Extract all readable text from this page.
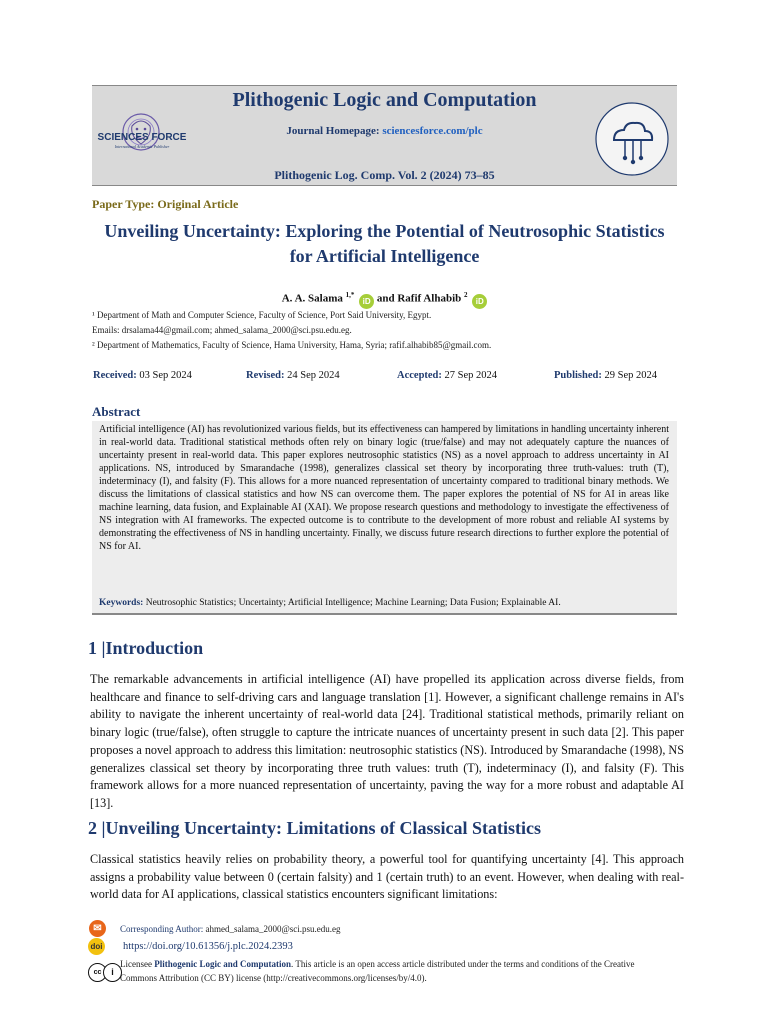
Plithogenic Logic and Computation
Journal Homepage: sciencesforce.com/plc
Plithogenic Log. Comp. Vol. 2 (2024) 73–85
SCIENCES FORCE
International Academic Publisher
Paper Type: Original Article
Unveiling Uncertainty: Exploring the Potential of Neutrosophic Statistics for Artificial Intelligence
A. A. Salama $^{1,*}$ iD and Rafif Alhabib $^2$ iD
¹ Department of Math and Computer Science, Faculty of Science, Port Said University, Egypt.
Emails: drsalama44@gmail.com; ahmed_salama_2000@sci.psu.edu.eg.
² Department of Mathematics, Faculty of Science, Hama University, Hama, Syria; rafif.alhabib85@gmail.com.
Received: 03 Sep 2024	Revised: 24 Sep 2024	Accepted: 27 Sep 2024	Published: 29 Sep 2024
Abstract
Artificial intelligence (AI) has revolutionized various fields, but its effectiveness can hampered by limitations in handling uncertainty inherent in real-world data. Traditional statistical methods often rely on binary logic (true/false) and may not adequately capture the nuances of uncertainty present in real-world data. This paper explores neutrosophic statistics (NS) as a novel approach to address uncertainty in AI applications. NS, introduced by Smarandache (1998), generalizes classical set theory by incorporating three truth-values: truth (T), indeterminacy (I), and falsity (F). This allows for a more nuanced representation of uncertainty compared to traditional binary methods. We discuss the limitations of classical statistics and how NS can overcome them. The paper explores the potential of NS for AI in areas like machine learning, data fusion, and Explainable AI (XAI). We propose research questions and methodology to investigate the effectiveness of NS integration with AI frameworks. The expected outcome is to contribute to the development of more robust and reliable AI systems by demonstrating the effectiveness of NS in handling uncertainty. Finally, we discuss future research directions to further explore the potential of NS for AI.
Keywords: Neutrosophic Statistics; Uncertainty; Artificial Intelligence; Machine Learning; Data Fusion; Explainable AI.
1 |Introduction
The remarkable advancements in artificial intelligence (AI) have propelled its application across diverse fields, from healthcare and finance to self-driving cars and language translation [1]. However, a significant challenge remains in AI's ability to navigate the inherent uncertainty of real-world data [24]. Traditional statistical methods, primarily reliant on binary logic (true/false), often struggle to capture the intricate nuances of uncertainty present in such data [2]. This paper proposes a novel approach to address this limitation: neutrosophic statistics (NS). Introduced by Smarandache (1998), NS generalizes classical set theory by incorporating three truth values: truth (T), indeterminacy (I), and falsity (F). This framework allows for a more nuanced representation of uncertainty, paving the way for a more robust and adaptable AI [13].
2 |Unveiling Uncertainty: Limitations of Classical Statistics
Classical statistics heavily relies on probability theory, a powerful tool for quantifying uncertainty [4]. This approach assigns a probability value between 0 (certain falsity) and 1 (certain truth) to an event. However, when dealing with real-world data for AI applications, classical statistics encounters significant limitations:
✉	Corresponding Author: ahmed_salama_2000@sci.psu.edu.eg
doi https://doi.org/10.61356/j.plc.2024.2393
cc	i
Licensee Plithogenic Logic and Computation. This article is an open access article distributed under the terms and conditions of the Creative Commons Attribution (CC BY) license (http://creativecommons.org/licenses/by/4.0).
